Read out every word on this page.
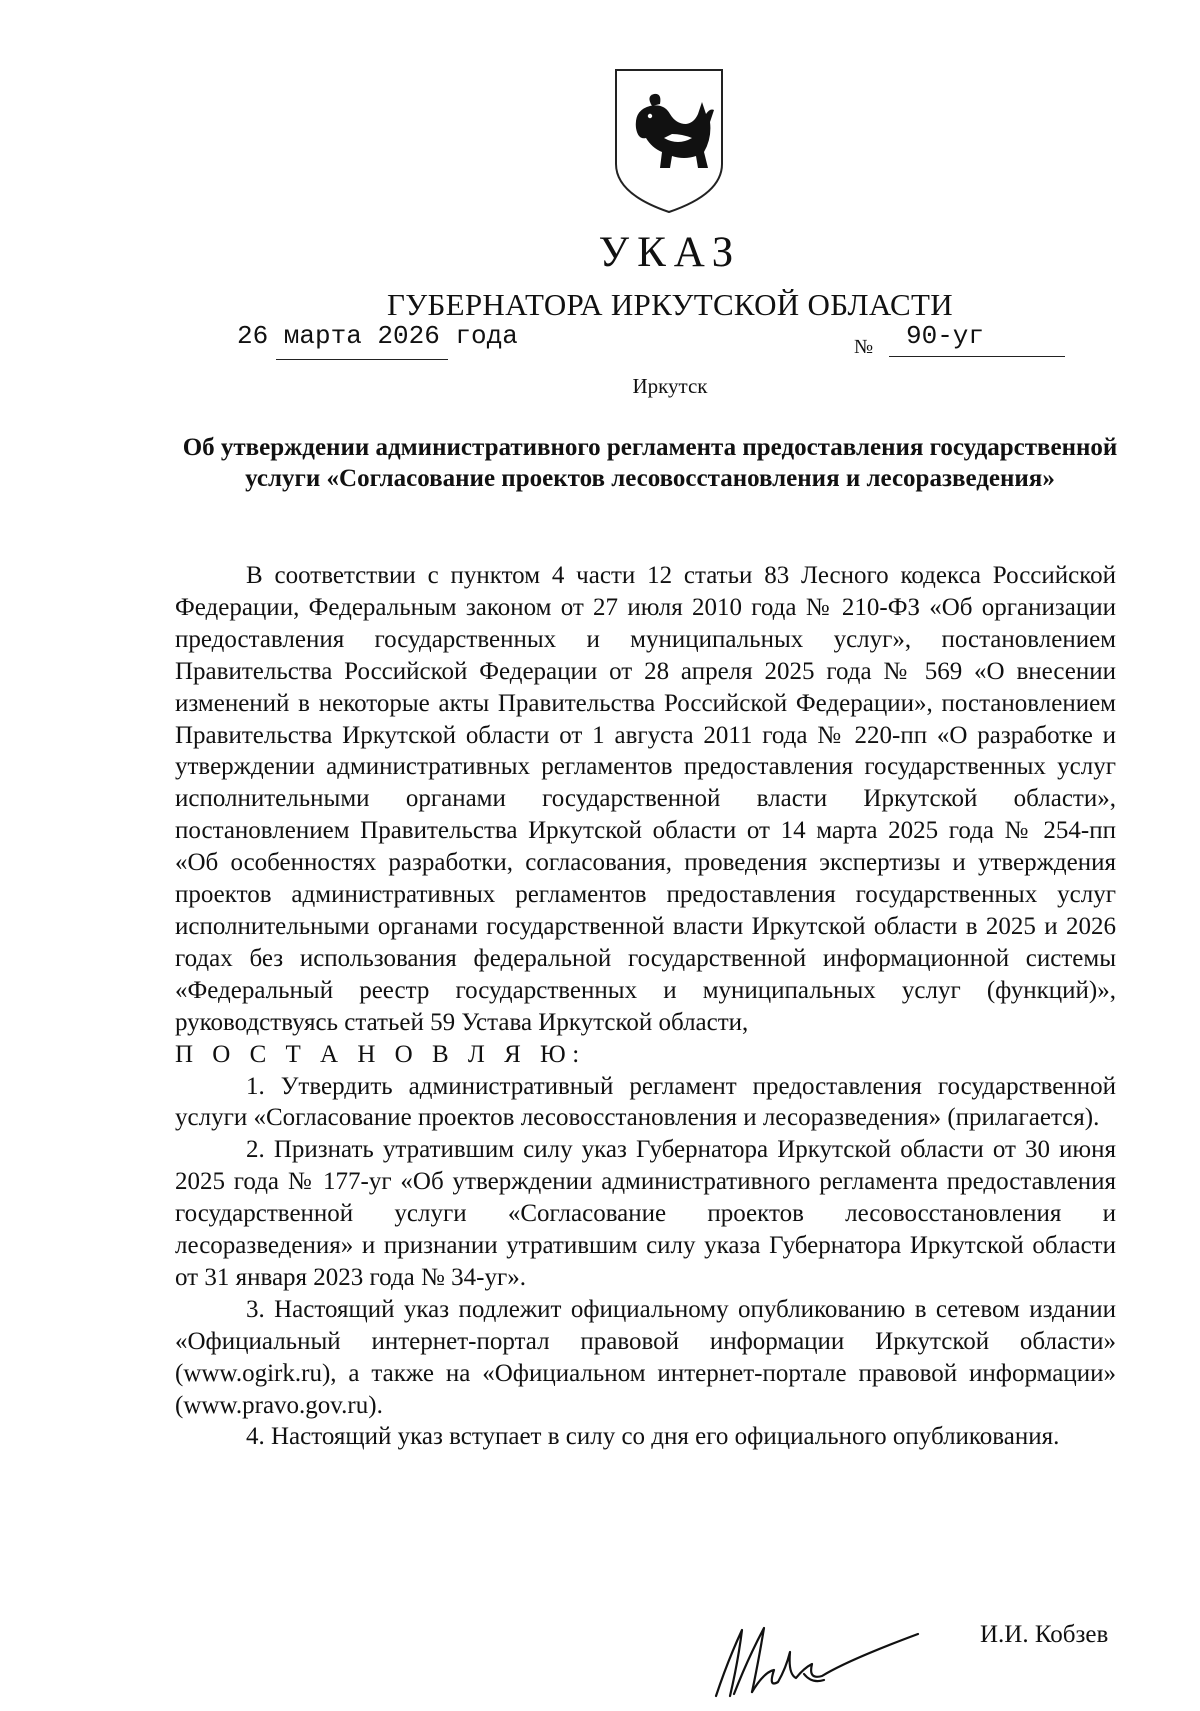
УКАЗ
ГУБЕРНАТОРА ИРКУТСКОЙ ОБЛАСТИ
26 марта 2026 года	№ 90-уг
Иркутск
Об утверждении административного регламента предоставления государственной услуги «Согласование проектов лесовосстановления и лесоразведения»

В соответствии с пунктом 4 части 12 статьи 83 Лесного кодекса Российской Федерации, Федеральным законом от 27 июля 2010 года № 210-ФЗ «Об организации предоставления государственных и муниципальных услуг», постановлением Правительства Российской Федерации от 28 апреля 2025 года № 569 «О внесении изменений в некоторые акты Правительства Российской Федерации», постановлением Правительства Иркутской области от 1 августа 2011 года № 220-пп «О разработке и утверждении административных регламентов предоставления государственных услуг исполнительными органами государственной власти Иркутской области», постановлением Правительства Иркутской области от 14 марта 2025 года № 254-пп «Об особенностях разработки, согласования, проведения экспертизы и утверждения проектов административных регламентов предоставления государственных услуг исполнительными органами государственной власти Иркутской области в 2025 и 2026 годах без использования федеральной государственной информационной системы «Федеральный реестр государственных и муниципальных услуг (функций)», руководствуясь статьей 59 Устава Иркутской области,

П О С Т А Н О В Л Я Ю:

1. Утвердить административный регламент предоставления государственной услуги «Согласование проектов лесовосстановления и лесоразведения» (прилагается).

2. Признать утратившим силу указ Губернатора Иркутской области от 30 июня 2025 года № 177-уг «Об утверждении административного регламента предоставления государственной услуги «Согласование проектов лесовосстановления и лесоразведения» и признании утратившим силу указа Губернатора Иркутской области от 31 января 2023 года № 34-уг».

3. Настоящий указ подлежит официальному опубликованию в сетевом издании «Официальный интернет-портал правовой информации Иркутской области» (www.ogirk.ru), а также на «Официальном интернет-портале правовой информации» (www.pravo.gov.ru).

4. Настоящий указ вступает в силу со дня его официального опубликования.

И.И. Кобзев
